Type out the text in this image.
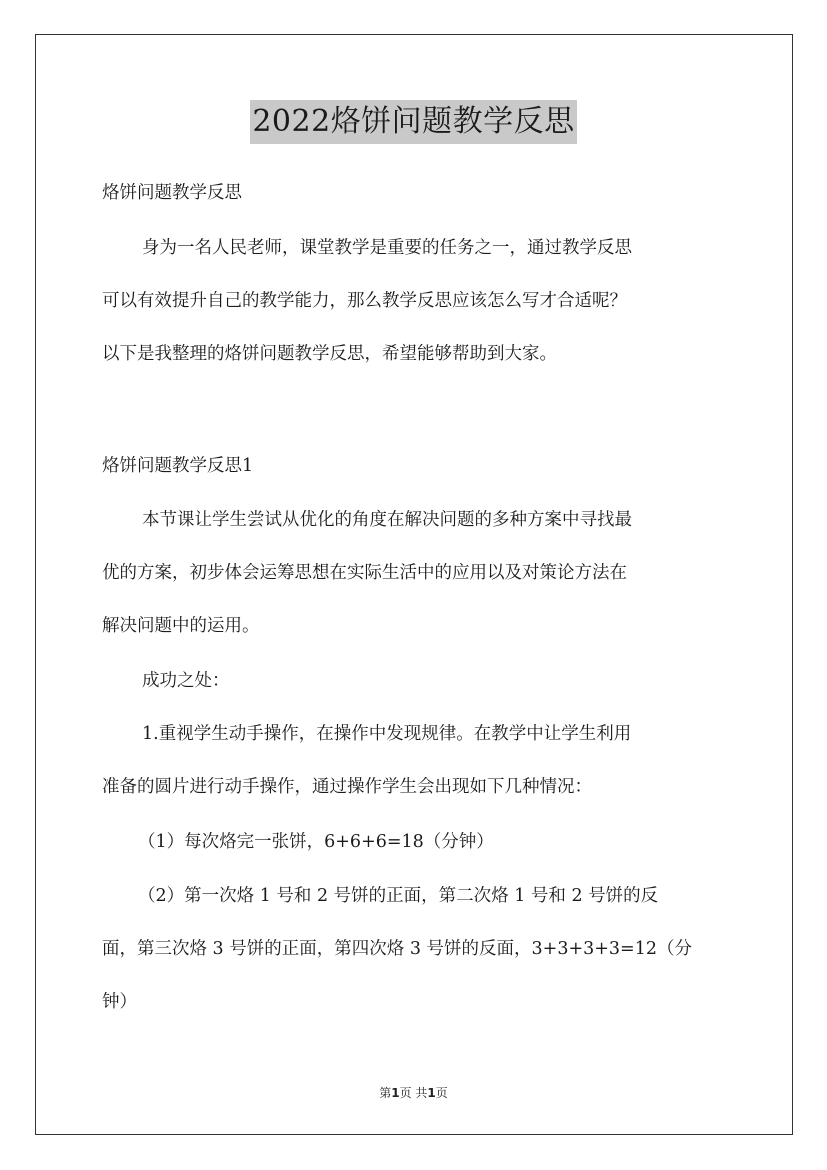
2022烙饼问题教学反思
烙饼问题教学反思
身为一名人民老师，课堂教学是重要的任务之一，通过教学反思
可以有效提升自己的教学能力，那么教学反思应该怎么写才合适呢？
以下是我整理的烙饼问题教学反思，希望能够帮助到大家。
烙饼问题教学反思1
本节课让学生尝试从优化的角度在解决问题的多种方案中寻找最
优的方案，初步体会运筹思想在实际生活中的应用以及对策论方法在
解决问题中的运用。
成功之处：
1.重视学生动手操作，在操作中发现规律。在教学中让学生利用
准备的圆片进行动手操作，通过操作学生会出现如下几种情况：
（1）每次烙完一张饼，6+6+6=18（分钟）
（2）第一次烙 1 号和 2 号饼的正面，第二次烙 1 号和 2 号饼的反
面，第三次烙 3 号饼的正面，第四次烙 3 号饼的反面，3+3+3+3=12（分
钟）
第1页 共1页
